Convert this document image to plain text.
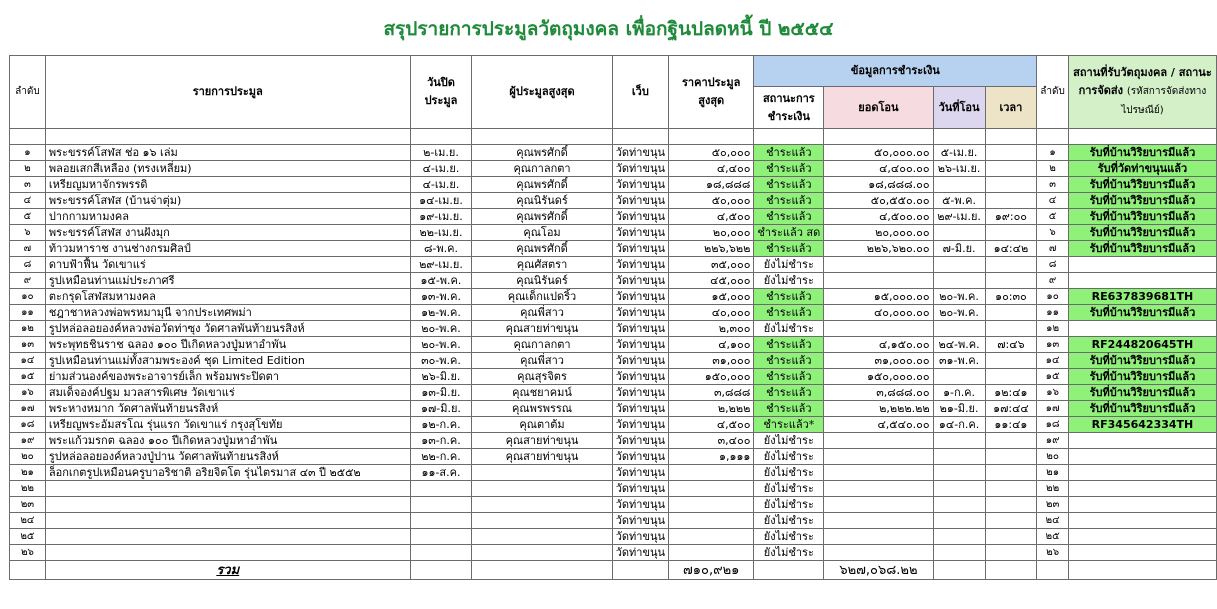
สรุปรายการประมูลวัตถุมงคล เพื่อกฐินปลดหนี้ ปี ๒๕๕๔
ลำดับ	รายการประมูล	วันปิดประมูล	ผู้ประมูลสูงสุด	เว็บ	ราคาประมูลสูงสุด	ข้อมูลการชำระเงิน				ลำดับ	สถานที่รับวัตถุมงคล / สถานะการจัดส่ง (รหัสการจัดส่งทางไปรษณีย์)
						สถานะการชำระเงิน	ยอดโอน	วันที่โอน	เวลา		

๑	พระขรรค์โสฬส ช่อ ๑๖ เล่ม	๒-เม.ย.	คุณพรศักดิ์	วัดท่าขนุน	๕๐,๐๐๐	ชำระแล้ว	๕๐,๐๐๐.๐๐	๕-เม.ย.		๑	รับที่บ้านวิริยบารมีแล้ว
๒	พลอยเสกสีเหลือง (ทรงเหลี่ยม)	๔-เม.ย.	คุณกาลกตา	วัดท่าขนุน	๔,๔๐๐	ชำระแล้ว	๔,๔๐๐.๐๐	๒๖-เม.ย.		๒	รับที่วัดท่าขนุนแล้ว
๓	เหรียญมหาจักรพรรดิ	๔-เม.ย.	คุณพรศักดิ์	วัดท่าขนุน	๑๘,๘๘๘	ชำระแล้ว	๑๘,๘๘๘.๐๐			๓	รับที่บ้านวิริยบารมีแล้ว
๔	พระขรรค์โสฬส (บ้านจ่าตุ่ม)	๑๔-เม.ย.	คุณนิรันดร์	วัดท่าขนุน	๕๐,๐๐๐	ชำระแล้ว	๕๐,๕๕๐.๐๐	๕-พ.ค.		๔	รับที่บ้านวิริยบารมีแล้ว
๕	ปากกามหามงคล	๑๙-เม.ย.	คุณพรศักดิ์	วัดท่าขนุน	๔,๕๐๐	ชำระแล้ว	๔,๕๐๐.๐๐	๒๙-เม.ย.	๑๙:๐๐	๕	รับที่บ้านวิริยบารมีแล้ว
๖	พระขรรค์โสฬส งานฝังมุก	๒๒-เม.ย.	คุณโอม	วัดท่าขนุน	๒๐,๐๐๐	ชำระแล้ว สด	๒๐,๐๐๐.๐๐			๖	รับที่บ้านวิริยบารมีแล้ว
๗	ท้าวมหาราช งานช่างกรมศิลป์	๘-พ.ค.	คุณพรศักดิ์	วัดท่าขนุน	๒๒๖,๖๒๒	ชำระแล้ว	๒๒๖,๖๒๐.๐๐	๗-มิ.ย.	๑๔:๔๒	๗	รับที่บ้านวิริยบารมีแล้ว
๘	ดาบฟ้าฟื้น วัดเขาแร่	๒๙-เม.ย.	คุณศัสตรา	วัดท่าขนุน	๓๕,๐๐๐	ยังไม่ชำระ				๘	
๙	รูปเหมือนท่านแม่ประภาศรี	๑๕-พ.ค.	คุณนิรันดร์	วัดท่าขนุน	๔๕,๐๐๐	ยังไม่ชำระ				๙	
๑๐	ตะกรุดโสฬสมหามงคล	๑๓-พ.ค.	คุณเด็กแปดริ้ว	วัดท่าขนุน	๑๕,๐๐๐	ชำระแล้ว	๑๕,๐๐๐.๐๐	๒๐-พ.ค.	๑๐:๓๐	๑๐	RE637839681TH
๑๑	ชฎาชาหลวงพ่อพรหมามุนี จากประเทศพม่า	๑๒-พ.ค.	คุณพี่สาว	วัดท่าขนุน	๔๐,๐๐๐	ชำระแล้ว	๔๐,๐๐๐.๐๐	๒๐-พ.ค.		๑๑	รับที่บ้านวิริยบารมีแล้ว
๑๒	รูปหล่อลอยองค์หลวงพ่อวัดท่าซุง วัดศาลพันท้ายนรสิงห์	๒๐-พ.ค.	คุณสายท่าขนุน	วัดท่าขนุน	๒,๓๐๐	ยังไม่ชำระ				๑๒	
๑๓	พระพุทธชินราช ฉลอง ๑๐๐ ปีเกิดหลวงปู่มหาอำพัน	๒๐-พ.ค.	คุณกาลกตา	วัดท่าขนุน	๔,๑๐๐	ชำระแล้ว	๔,๑๕๐.๐๐	๒๔-พ.ค.	๗:๔๖	๑๓	RF244820645TH
๑๔	รูปเหมือนท่านแม่ทั้งสามพระองค์ ชุด Limited Edition	๓๐-พ.ค.	คุณพี่สาว	วัดท่าขนุน	๓๑,๐๐๐	ชำระแล้ว	๓๑,๐๐๐.๐๐	๓๑-พ.ค.		๑๔	รับที่บ้านวิริยบารมีแล้ว
๑๕	ย่ามส่วนองค์ของพระอาจารย์เล็ก พร้อมพระปิดตา	๒๖-มิ.ย.	คุณสุรจิตร	วัดท่าขนุน	๑๕๐,๐๐๐	ชำระแล้ว	๑๕๐,๐๐๐.๐๐			๑๕	รับที่บ้านวิริยบารมีแล้ว
๑๖	สมเด็จองค์ปฐม มวลสารพิเศษ วัดเขาแร่	๑๓-มิ.ย.	คุณชยาคมน์	วัดท่าขนุน	๓,๘๘๘	ชำระแล้ว	๓,๘๘๘.๐๐	๑-ก.ค.	๑๒:๔๑	๑๖	รับที่บ้านวิริยบารมีแล้ว
๑๗	พระหางหมาก วัดศาลพันท้ายนรสิงห์	๑๗-มิ.ย.	คุณพรพรรณ	วัดท่าขนุน	๒,๒๒๒	ชำระแล้ว	๒,๒๒๒.๒๒	๒๑-มิ.ย.	๑๗:๔๔	๑๗	รับที่บ้านวิริยบารมีแล้ว
๑๘	เหรียญพระอัมสรโณ รุ่นแรก วัดเขาแร่ กรุงสุโขทัย	๑๒-ก.ค.	คุณตาต้ม	วัดท่าขนุน	๔,๕๐๐	ชำระแล้ว*	๔,๕๔๐.๐๐	๑๔-ก.ค.	๑๑:๔๑	๑๘	RF345642334TH
๑๙	พระแก้วมรกต ฉลอง ๑๐๐ ปีเกิดหลวงปู่มหาอำพัน	๑๓-ก.ค.	คุณสายท่าขนุน	วัดท่าขนุน	๓,๔๐๐	ยังไม่ชำระ				๑๙	
๒๐	รูปหล่อลอยองค์หลวงปู่ปาน วัดศาลพันท้ายนรสิงห์	๒๒-ก.ค.	คุณสายท่าขนุน	วัดท่าขนุน	๑,๑๑๑	ยังไม่ชำระ				๒๐	
๒๑	ล็อกเกตรูปเหมือนครูบาอริชาติ อริยจิตโต รุ่นไตรมาส ๔๓ ปี ๒๕๕๒	๑๑-ส.ค.		วัดท่าขนุน		ยังไม่ชำระ				๒๑	
๒๒				วัดท่าขนุน		ยังไม่ชำระ				๒๒	
๒๓				วัดท่าขนุน		ยังไม่ชำระ				๒๓	
๒๔				วัดท่าขนุน		ยังไม่ชำระ				๒๔	
๒๕				วัดท่าขนุน		ยังไม่ชำระ				๒๕	
๒๖				วัดท่าขนุน		ยังไม่ชำระ				๒๖	
	รวม				๗๑๐,๙๒๑		๖๒๗,๐๖๘.๒๒				
